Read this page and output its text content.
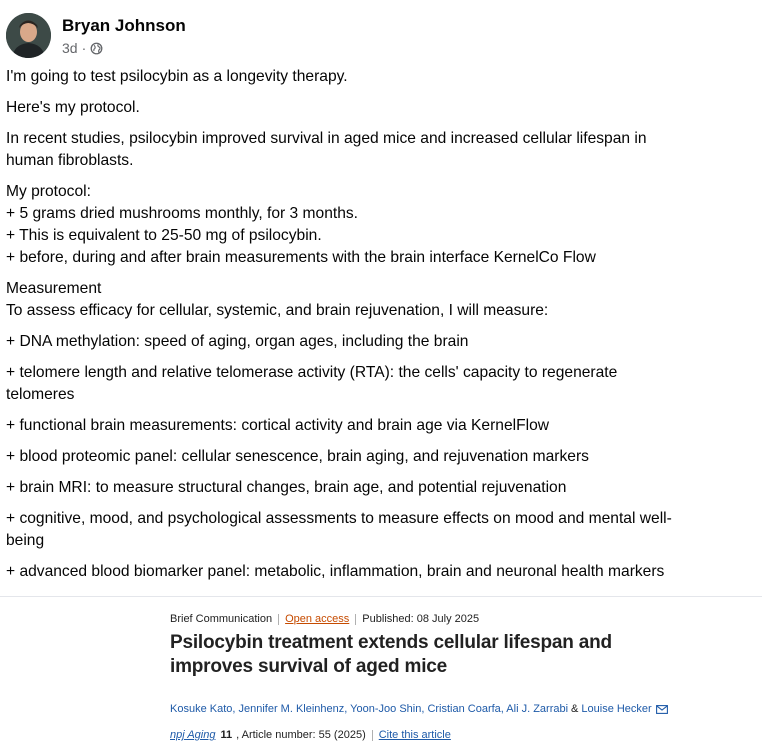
Bryan Johnson
3d ·

I'm going to test psilocybin as a longevity therapy.

Here's my protocol.

In recent studies, psilocybin improved survival in aged mice and increased cellular lifespan in
human fibroblasts.

My protocol:
+ 5 grams dried mushrooms monthly, for 3 months.
+ This is equivalent to 25-50 mg of psilocybin.
+ before, during and after brain measurements with the brain interface KernelCo Flow

Measurement
To assess efficacy for cellular, systemic, and brain rejuvenation, I will measure:

+ DNA methylation: speed of aging, organ ages, including the brain

+ telomere length and relative telomerase activity (RTA): the cells' capacity to regenerate
telomeres

+ functional brain measurements: cortical activity and brain age via KernelFlow

+ blood proteomic panel: cellular senescence, brain aging, and rejuvenation markers

+ brain MRI: to measure structural changes, brain age, and potential rejuvenation

+ cognitive, mood, and psychological assessments to measure effects on mood and mental well-
being

+ advanced blood biomarker panel: metabolic, inflammation, brain and neuronal health markers

Brief Communication Open access Published: 08 July 2025
Psilocybin treatment extends cellular lifespan and
improves survival of aged mice
Kosuke Kato, Jennifer M. Kleinhenz, Yoon-Joo Shin, Cristian Coarfa, Ali J. Zarrabi & Louise Hecker
npj Aging 11 , Article number: 55 (2025) Cite this article
